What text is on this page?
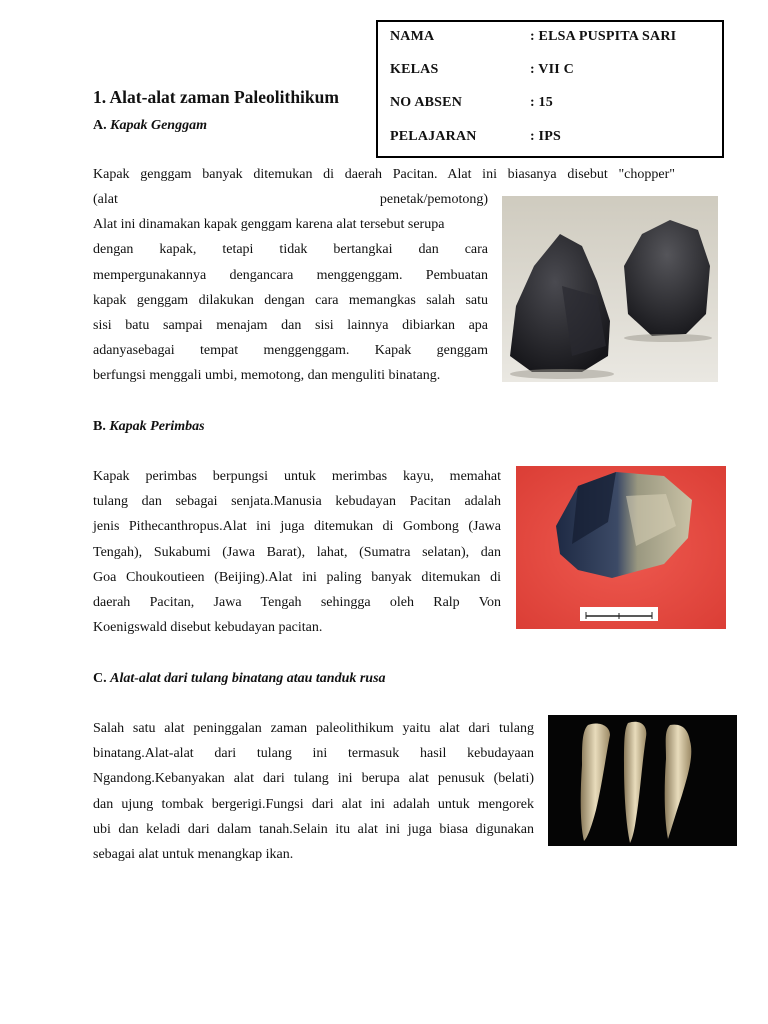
NAMA	: ELSA PUSPITA SARI
KELAS	: VII C
NO ABSEN	: 15
PELAJARAN	: IPS
1. Alat-alat zaman Paleolithikum
A. Kapak Genggam
Kapak genggam banyak ditemukan di daerah Pacitan. Alat ini biasanya disebut "chopper"
(alat penetak/pemotong)
Alat ini dinamakan kapak genggam karena alat tersebut serupa
dengan kapak, tetapi tidak bertangkai dan cara
mempergunakannya dengancara menggenggam. Pembuatan
kapak genggam dilakukan dengan cara memangkas salah satu
sisi batu sampai menajam dan sisi lainnya dibiarkan apa
adanyasebagai tempat menggenggam. Kapak genggam
berfungsi menggali umbi, memotong, dan menguliti binatang.
B. Kapak Perimbas
Kapak perimbas berpungsi untuk merimbas kayu, memahat
tulang dan sebagai senjata.Manusia kebudayan Pacitan adalah
jenis Pithecanthropus.Alat ini juga ditemukan di Gombong (Jawa
Tengah), Sukabumi (Jawa Barat), lahat, (Sumatra selatan), dan
Goa Choukoutieen (Beijing).Alat ini paling banyak ditemukan di
daerah Pacitan, Jawa Tengah sehingga oleh Ralp Von
Koenigswald disebut kebudayan pacitan.
C. Alat-alat dari tulang binatang atau tanduk rusa
Salah satu alat peninggalan zaman paleolithikum yaitu alat dari tulang
binatang.Alat-alat dari tulang ini termasuk hasil kebudayaan
Ngandong.Kebanyakan alat dari tulang ini berupa alat penusuk (belati)
dan ujung tombak bergerigi.Fungsi dari alat ini adalah untuk mengorek
ubi dan keladi dari dalam tanah.Selain itu alat ini juga biasa digunakan
sebagai alat untuk menangkap ikan.
